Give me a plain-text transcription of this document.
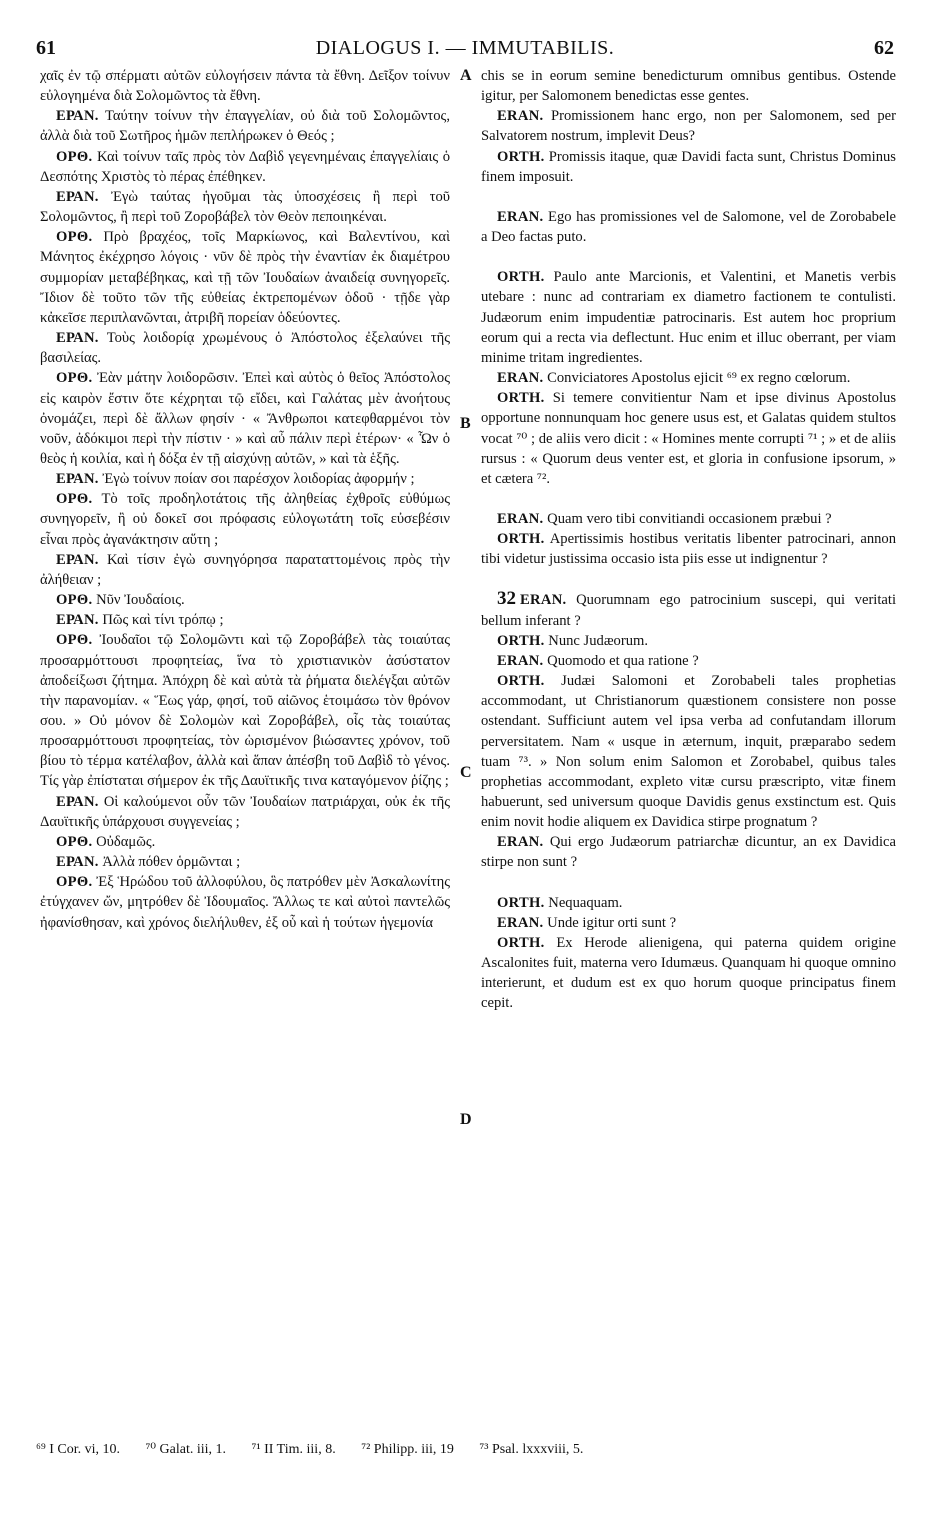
61	DIALOGUS I. — IMMUTABILIS.	62

χαῖς ἐν τῷ σπέρματι αὐτῶν εὐλογήσειν πάντα τὰ ἔθνη. Δεῖξον τοίνυν εὐλογημένα διὰ Σολομῶντος τὰ ἔθνη.

ΕΡΑΝ. Ταύτην τοίνυν τὴν ἐπαγγελίαν, οὐ διὰ τοῦ Σολομῶντος, ἀλλὰ διὰ τοῦ Σωτῆρος ἡμῶν πεπλήρωκεν ὁ Θεός ;

ΟΡΘ. Καὶ τοίνυν ταῖς πρὸς τὸν Δαβὶδ γεγενημέναις ἐπαγγελίαις ὁ Δεσπότης Χριστὸς τὸ πέρας ἐπέθηκεν.

ΕΡΑΝ. Ἐγὼ ταύτας ἡγοῦμαι τὰς ὑποσχέσεις ἢ περὶ τοῦ Σολομῶντος, ἢ περὶ τοῦ Ζοροβάβελ τὸν Θεὸν πεποιηκέναι.

ΟΡΘ. Πρὸ βραχέος, τοῖς Μαρκίωνος, καὶ Βαλεντίνου, καὶ Μάνητος ἐκέχρησο λόγοις · νῦν δὲ πρὸς τὴν ἐναντίαν ἐκ διαμέτρου συμμορίαν μεταβέβηκας, καὶ τῇ τῶν Ἰουδαίων ἀναιδείᾳ συνηγορεῖς. Ἴδιον δὲ τοῦτο τῶν τῆς εὐθείας ἐκτρεπομένων ὁδοῦ · τῇδε γὰρ κἀκεῖσε περιπλανῶνται, ἀτριβῆ πορείαν ὁδεύοντες.

ΕΡΑΝ. Τοὺς λοιδορίᾳ χρωμένους ὁ Ἀπόστολος ἐξελαύνει τῆς βασιλείας.

ΟΡΘ. Ἐὰν μάτην λοιδορῶσιν. Ἐπεὶ καὶ αὐτὸς ὁ θεῖος Ἀπόστολος εἰς καιρὸν ἔστιν ὅτε κέχρηται τῷ εἴδει, καὶ Γαλάτας μὲν ἀνοήτους ὀνομάζει, περὶ δὲ ἄλλων φησίν · « Ἄνθρωποι κατεφθαρμένοι τὸν νοῦν, ἀδόκιμοι περὶ τὴν πίστιν · » καὶ αὖ πάλιν περὶ ἑτέρων· « Ὧν ὁ θεὸς ἡ κοιλία, καὶ ἡ δόξα ἐν τῇ αἰσχύνῃ αὐτῶν, » καὶ τὰ ἑξῆς.

ΕΡΑΝ. Ἐγὼ τοίνυν ποίαν σοι παρέσχον λοιδορίας ἀφορμήν ;

ΟΡΘ. Τὸ τοῖς προδηλοτάτοις τῆς ἀληθείας ἐχθροῖς εὐθύμως συνηγορεῖν, ἢ οὐ δοκεῖ σοι πρόφασις εὐλογωτάτη τοῖς εὐσεβέσιν εἶναι πρὸς ἀγανάκτησιν αὕτη ;

ΕΡΑΝ. Καὶ τίσιν ἐγὼ συνηγόρησα παραταττομένοις πρὸς τὴν ἀλήθειαν ;

ΟΡΘ. Νῦν Ἰουδαίοις.

ΕΡΑΝ. Πῶς καὶ τίνι τρόπῳ ;

ΟΡΘ. Ἰουδαῖοι τῷ Σολομῶντι καὶ τῷ Ζοροβάβελ τὰς τοιαύτας προσαρμόττουσι προφητείας, ἵνα τὸ χριστιανικὸν ἀσύστατον ἀποδείξωσι ζήτημα. Ἀπόχρη δὲ καὶ αὐτὰ τὰ ῥήματα διελέγξαι αὐτῶν τὴν παρανομίαν. « Ἕως γάρ, φησί, τοῦ αἰῶνος ἑτοιμάσω τὸν θρόνον σου. » Οὐ μόνον δὲ Σολομὼν καὶ Ζοροβάβελ, οἷς τὰς τοιαύτας προσαρμόττουσι προφητείας, τὸν ὡρισμένον βιώσαντες χρόνον, τοῦ βίου τὸ τέρμα κατέλαβον, ἀλλὰ καὶ ἅπαν ἀπέσβη τοῦ Δαβὶδ τὸ γένος. Τίς γὰρ ἐπίσταται σήμερον ἐκ τῆς Δαυϊτικῆς τινα καταγόμενον ῥίζης ;

ΕΡΑΝ. Οἱ καλούμενοι οὖν τῶν Ἰουδαίων πατριάρχαι, οὐκ ἐκ τῆς Δαυϊτικῆς ὑπάρχουσι συγγενείας ;

ΟΡΘ. Οὐδαμῶς.

ΕΡΑΝ. Ἀλλὰ πόθεν ὁρμῶνται ;

ΟΡΘ. Ἐξ Ἡρώδου τοῦ ἀλλοφύλου, ὃς πατρόθεν μὲν Ἀσκαλωνίτης ἐτύγχανεν ὤν, μητρόθεν δὲ Ἰδουμαῖος. Ἄλλως τε καὶ αὐτοὶ παντελῶς ἠφανίσθησαν, καὶ χρόνος διελήλυθεν, ἐξ οὗ καὶ ἡ τούτων ἡγεμονία

A
B
C
D

chis se in eorum semine benedicturum omnibus gentibus. Ostende igitur, per Salomonem benedictas esse gentes.

ERAN. Promissionem hanc ergo, non per Salomonem, sed per Salvatorem nostrum, implevit Deus?

ORTH. Promissis itaque, quæ Davidi facta sunt, Christus Dominus finem imposuit.

ERAN. Ego has promissiones vel de Salomone, vel de Zorobabele a Deo factas puto.

ORTH. Paulo ante Marcionis, et Valentini, et Manetis verbis utebare : nunc ad contrariam ex diametro factionem te contulisti. Judæorum enim impudentiæ patrocinaris. Est autem hoc proprium eorum qui a recta via deflectunt. Huc enim et illuc oberrant, per viam minime tritam ingredientes.

ERAN. Conviciatores Apostolus ejicit ⁶⁹ ex regno cœlorum.

ORTH. Si temere convitientur Nam et ipse divinus Apostolus opportune nonnunquam hoc genere usus est, et Galatas quidem stultos vocat ⁷⁰ ; de aliis vero dicit : « Homines mente corrupti ⁷¹ ; » et de aliis rursus : « Quorum deus venter est, et gloria in confusione ipsorum, » et cætera ⁷².

ERAN. Quam vero tibi convitiandi occasionem præbui ?

ORTH. Apertissimis hostibus veritatis libenter patrocinari, annon tibi videtur justissima occasio ista piis esse ut indignentur ?

32 ERAN. Quorumnam ego patrocinium suscepi, qui veritati bellum inferant ?

ORTH. Nunc Judæorum.

ERAN. Quomodo et qua ratione ?

ORTH. Judæi Salomoni et Zorobabeli tales prophetias accommodant, ut Christianorum quæstionem consistere non posse ostendant. Sufficiunt autem vel ipsa verba ad confutandam illorum perversitatem. Nam « usque in æternum, inquit, præparabo sedem tuam ⁷³. » Non solum enim Salomon et Zorobabel, quibus tales prophetias accommodant, expleto vitæ cursu præscripto, vitæ finem habuerunt, sed universum quoque Davidis genus exstinctum est. Quis enim novit hodie aliquem ex Davidica stirpe prognatum ?

ERAN. Qui ergo Judæorum patriarchæ dicuntur, an ex Davidica stirpe non sunt ?

ORTH. Nequaquam.

ERAN. Unde igitur orti sunt ?

ORTH. Ex Herode alienigena, qui paterna quidem origine Ascalonites fuit, materna vero Idumæus. Quanquam hi quoque omnino interierunt, et dudum est ex quo horum quoque principatus finem cepit.

⁶⁹ I Cor. vi, 10. ⁷⁰ Galat. iii, 1. ⁷¹ II Tim. iii, 8. ⁷² Philipp. iii, 19 ⁷³ Psal. lxxxviii, 5.
